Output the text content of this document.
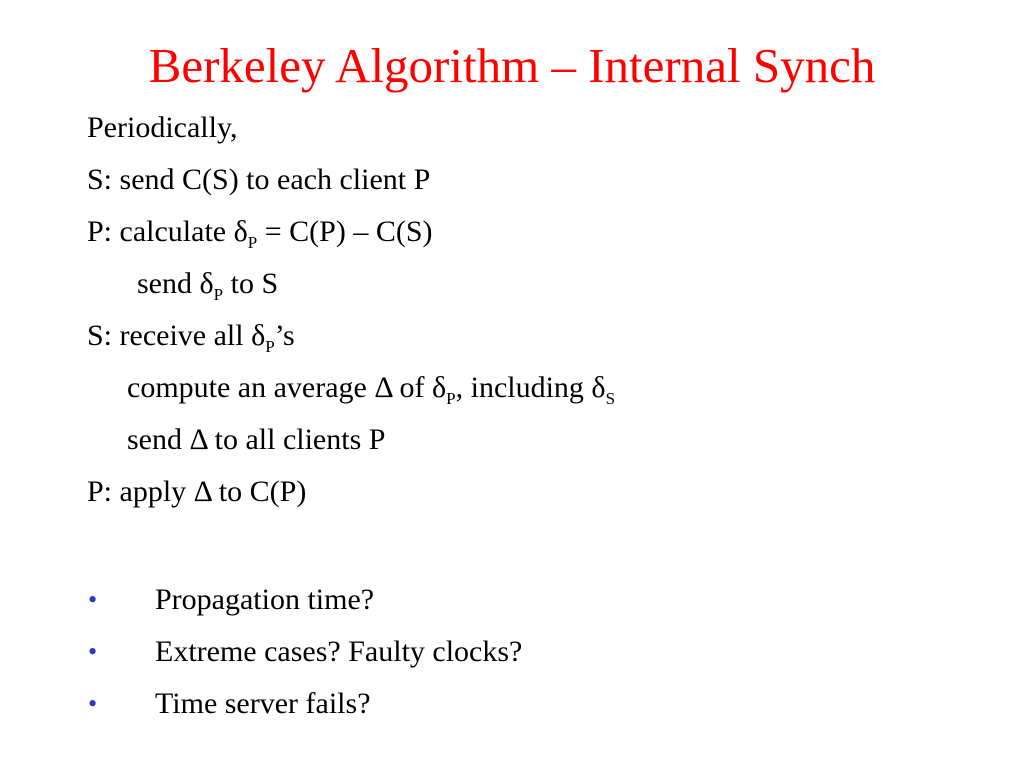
Berkeley Algorithm – Internal Synch
Periodically,
S: send C(S) to each client P
P: calculate $\delta_P = C(P) - C(S)$
send $\delta_P$ to S
S: receive all $\delta_P’s$
compute an average Δ of $\delta_P$, including $\delta_S$
send Δ to all clients P
P: apply Δ to C(P)
• Propagation time?
• Extreme cases? Faulty clocks?
• Time server fails?
